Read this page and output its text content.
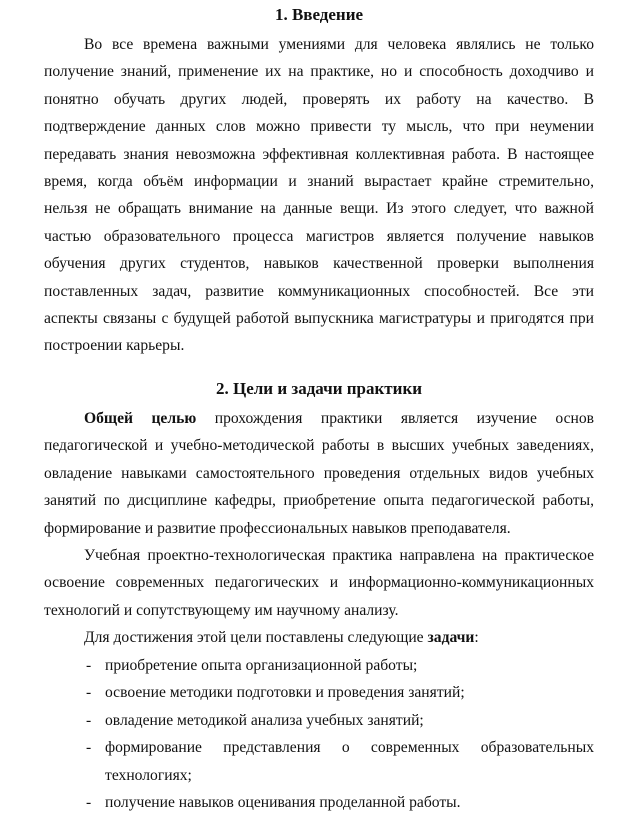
1. Введение
Во все времена важными умениями для человека являлись не только
получение знаний, применение их на практике, но и способность доходчиво и
понятно обучать других людей, проверять их работу на качество. В
подтверждение данных слов можно привести ту мысль, что при неумении
передавать знания невозможна эффективная коллективная работа. В настоящее
время, когда объём информации и знаний вырастает крайне стремительно,
нельзя не обращать внимание на данные вещи. Из этого следует, что важной
частью образовательного процесса магистров является получение навыков
обучения других студентов, навыков качественной проверки выполнения
поставленных задач, развитие коммуникационных способностей. Все эти
аспекты связаны с будущей работой выпускника магистратуры и пригодятся при
построении карьеры.
2. Цели и задачи практики
Общей целью прохождения практики является изучение основ
педагогической и учебно-методической работы в высших учебных заведениях,
овладение навыками самостоятельного проведения отдельных видов учебных
занятий по дисциплине кафедры, приобретение опыта педагогической работы,
формирование и развитие профессиональных навыков преподавателя.
Учебная проектно-технологическая практика направлена на практическое
освоение современных педагогических и информационно-коммуникационных
технологий и сопутствующему им научному анализу.
Для достижения этой цели поставлены следующие задачи:
приобретение опыта организационной работы;
-
освоение методики подготовки и проведения занятий;
-
овладение методикой анализа учебных занятий;
-
формирование представления о современных образовательных
-
технологиях;
получение навыков оценивания проделанной работы.
-
